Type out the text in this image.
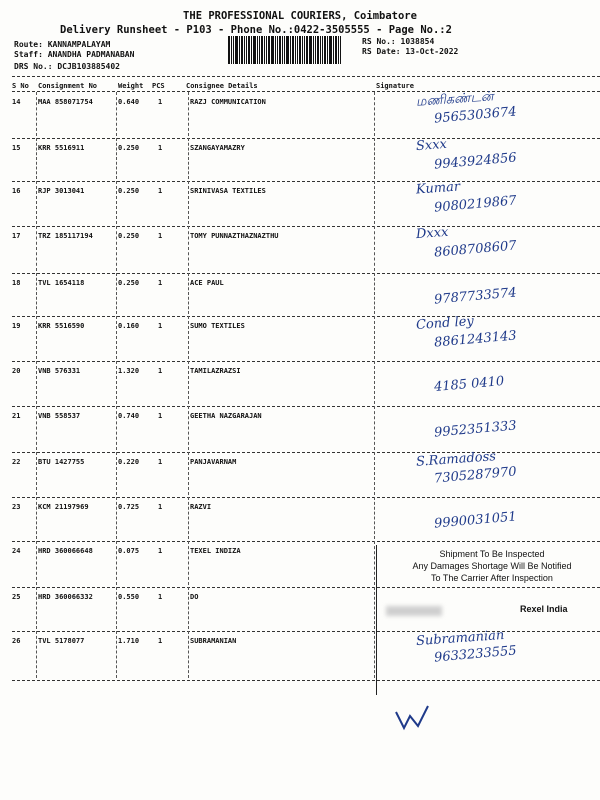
THE PROFESSIONAL COURIERS, Coimbatore
Delivery Runsheet - P103 - Phone No.:0422-3505555 - Page No.:2
Route: KANNAMPALAYAM
Staff: ANANDHA PADMANABAN
DRS No.: DCJB103885402
RS No.: 1038854
RS Date: 13-Oct-2022
S No Consignment No	Weight PCS	Consignee Details	Signature
14	MAA 858071754	0.640	1	RAZJ COMMUNICATION	மணிகண்டன்
9565303674
15	KRR 5516911	0.250	1	SZANGAYAMAZRY	Sxxx
9943924856
16	RJP 3013041	0.250	1	SRINIVASA TEXTILES	Kumar
9080219867
17	TRZ 185117194	0.250	1	TOMY PUNNAZTHAZNAZTHU	Dxxx
8608708607
18	TVL 1654118	0.250	1	ACE PAUL
9787733574
19	KRR 5516590	0.160	1	SUMO TEXTILES	Cond ley
8861243143
20	VNB 576331	1.320	1	TAMILAZRAZSI
4185 0410
21	VNB 558537	0.740	1	GEETHA NAZGARAJAN
9952351333
22	BTU 1427755	0.220	1	PANJAVARNAM	S.Ramadoss
7305287970
23	KCM 21197969	0.725	1	RAZVI
9990031051
24	HRD 360066648	0.075	1	TEXEL INDIZA
25	HRD 360066332	0.550	1	DO
26	TVL 5178077	1.710	1	SUBRAMANIAN	Subramanian
9633233555
Shipment To Be Inspected
Any Damages Shortage Will Be Notified
To The Carrier After Inspection
Rexel India
